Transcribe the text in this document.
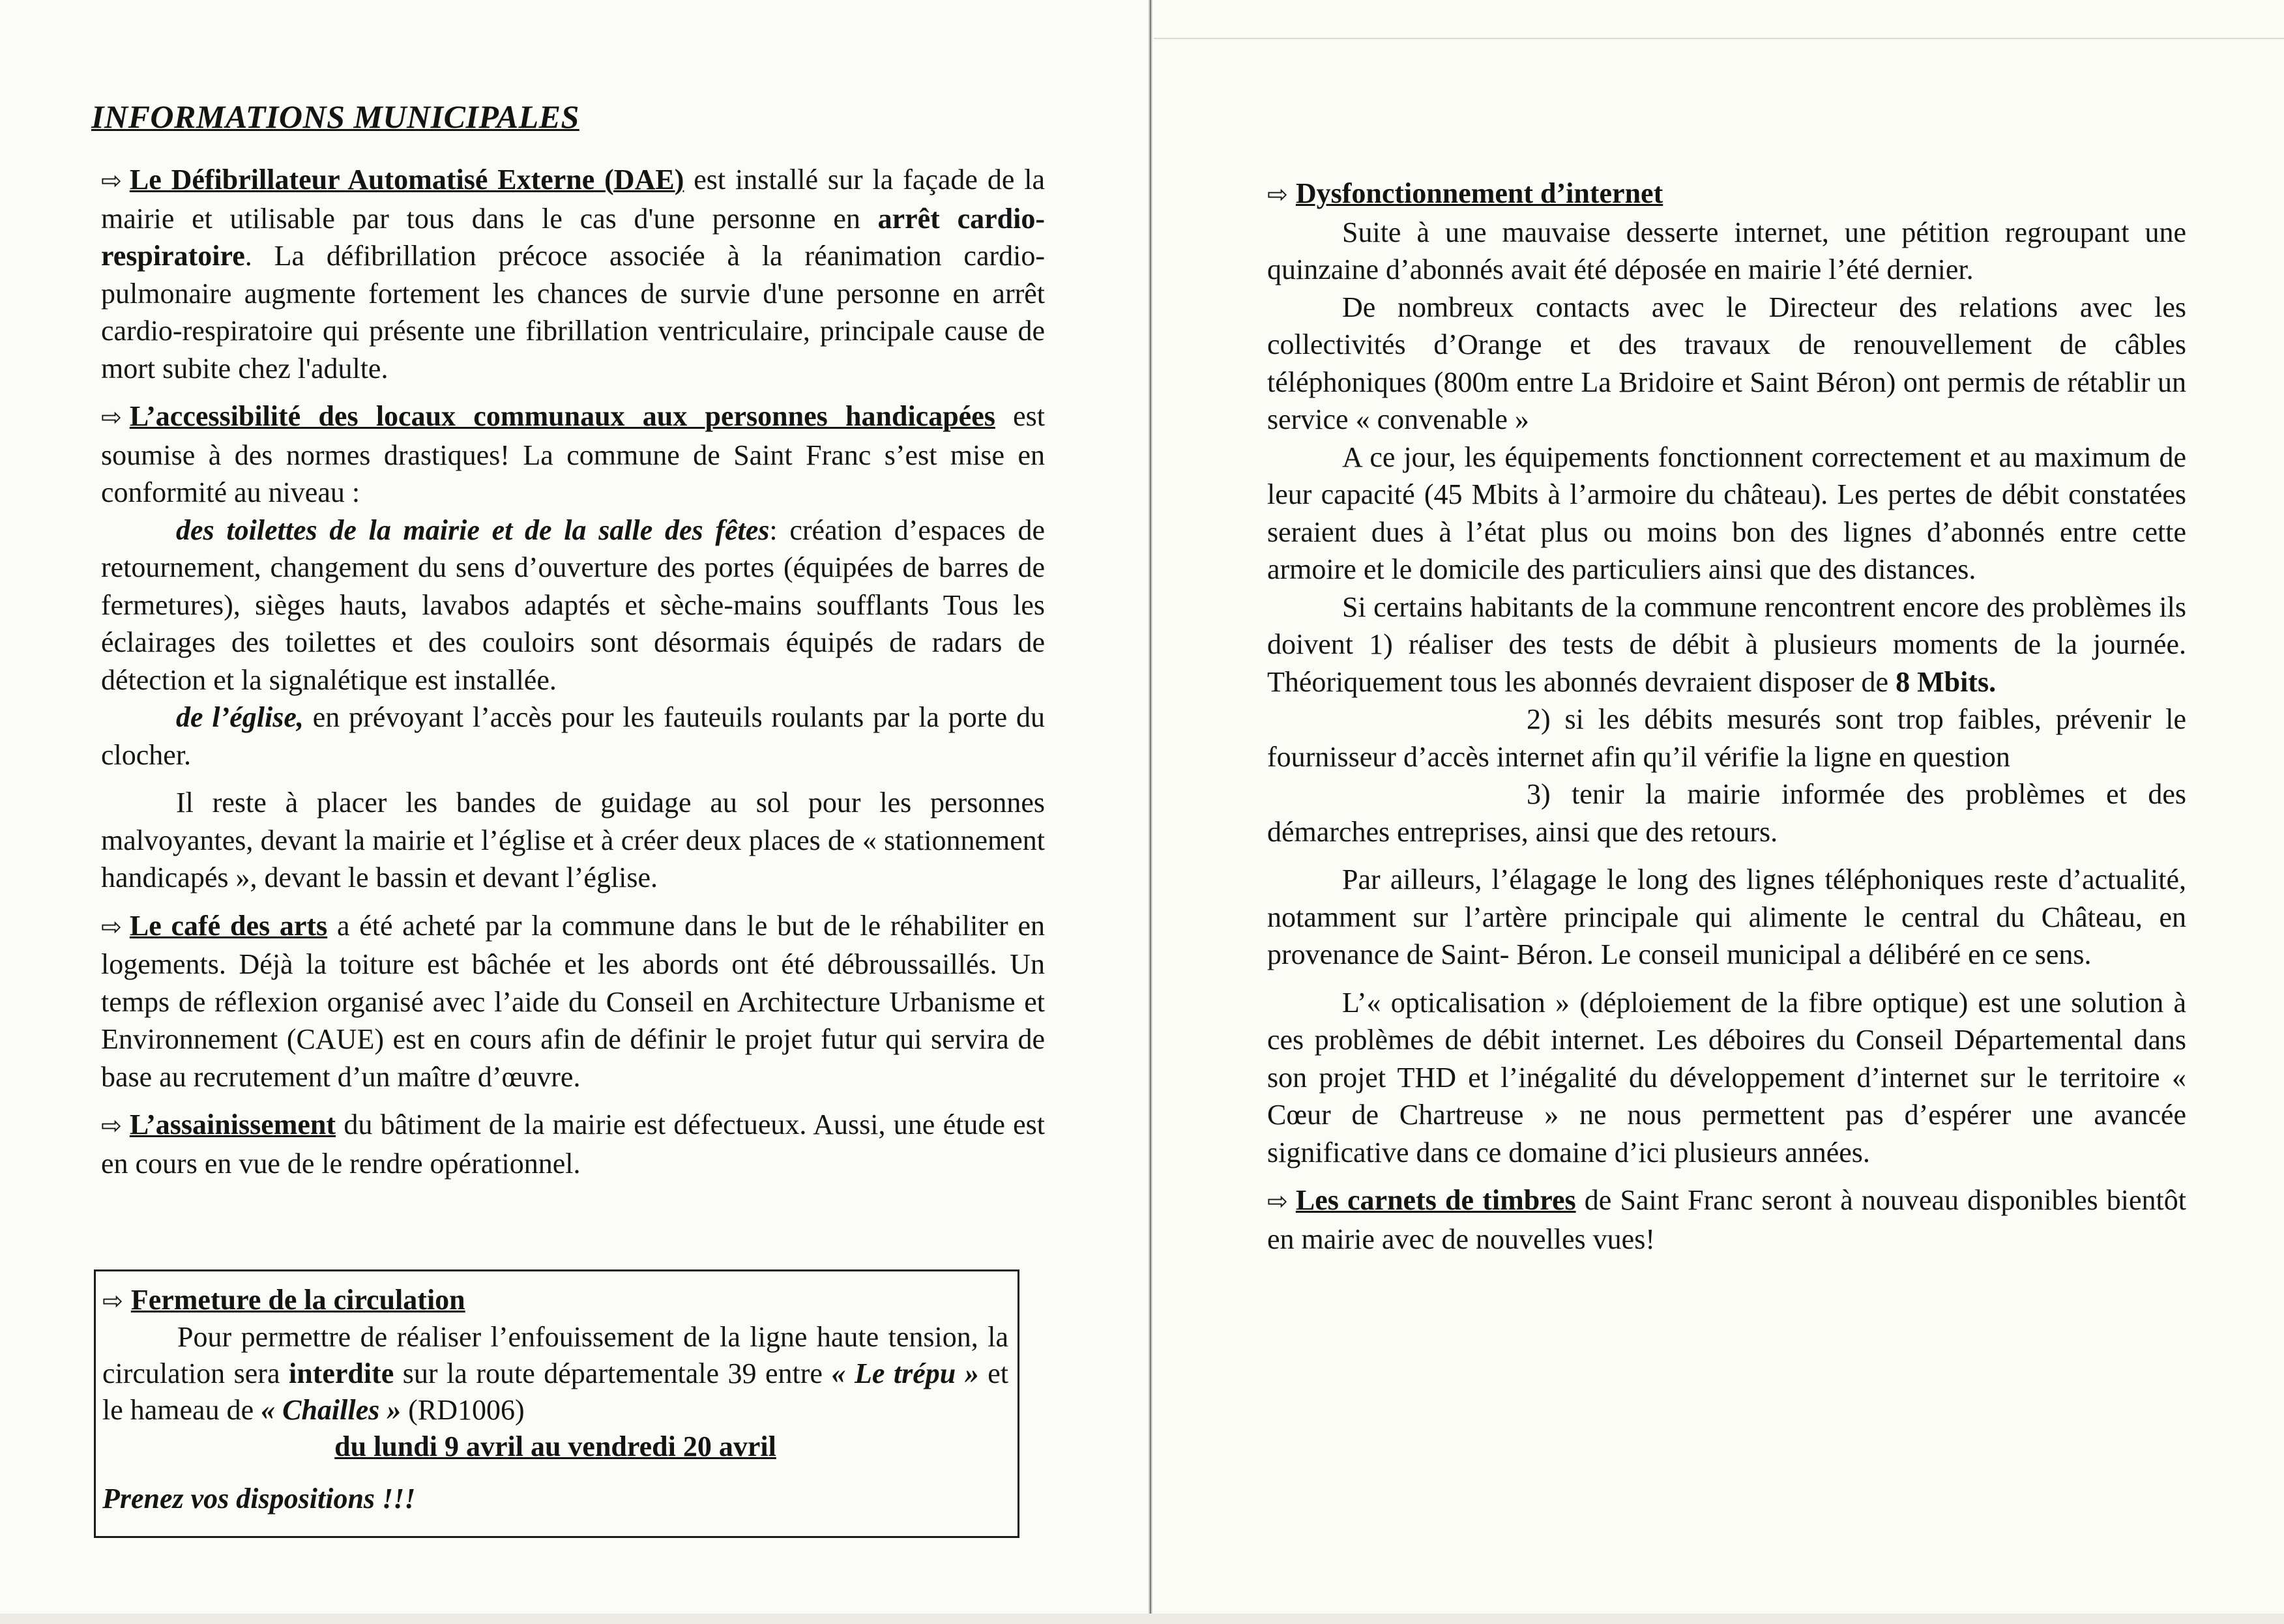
INFORMATIONS MUNICIPALES

⇨ Le Défibrillateur Automatisé Externe (DAE) est installé sur la façade de la mairie et utilisable par tous dans le cas d'une personne en arrêt cardio-respiratoire. La défibrillation précoce associée à la réanimation cardio-pulmonaire augmente fortement les chances de survie d'une personne en arrêt cardio-respiratoire qui présente une fibrillation ventriculaire, principale cause de mort subite chez l'adulte.

⇨ L’accessibilité des locaux communaux aux personnes handicapées est soumise à des normes drastiques! La commune de Saint Franc s’est mise en conformité au niveau :

des toilettes de la mairie et de la salle des fêtes: création d’espaces de retournement, changement du sens d’ouverture des portes (équipées de barres de fermetures), sièges hauts, lavabos adaptés et sèche-mains soufflants Tous les éclairages des toilettes et des couloirs sont désormais équipés de radars de détection et la signalétique est installée.

de l’église, en prévoyant l’accès pour les fauteuils roulants par la porte du clocher.

Il reste à placer les bandes de guidage au sol pour les personnes malvoyantes, devant la mairie et l’église et à créer deux places de « stationnement handicapés », devant le bassin et devant l’église.

⇨ Le café des arts a été acheté par la commune dans le but de le réhabiliter en logements. Déjà la toiture est bâchée et les abords ont été débroussaillés. Un temps de réflexion organisé avec l’aide du Conseil en Architecture Urbanisme et Environnement (CAUE) est en cours afin de définir le projet futur qui servira de base au recrutement d’un maître d’œuvre.

⇨ L’assainissement du bâtiment de la mairie est défectueux. Aussi, une étude est en cours en vue de le rendre opérationnel.

⇨ Fermeture de la circulation

Pour permettre de réaliser l’enfouissement de la ligne haute tension, la circulation sera interdite sur la route départementale 39 entre « Le trépu » et le hameau de « Chailles » (RD1006)

du lundi 9 avril au vendredi 20 avril

Prenez vos dispositions !!!

⇨ Dysfonctionnement d’internet

Suite à une mauvaise desserte internet, une pétition regroupant une quinzaine d’abonnés avait été déposée en mairie l’été dernier.

De nombreux contacts avec le Directeur des relations avec les collectivités d’Orange et des travaux de renouvellement de câbles téléphoniques (800m entre La Bridoire et Saint Béron) ont permis de rétablir un service « convenable »

A ce jour, les équipements fonctionnent correctement et au maximum de leur capacité (45 Mbits à l’armoire du château). Les pertes de débit constatées seraient dues à l’état plus ou moins bon des lignes d’abonnés entre cette armoire et le domicile des particuliers ainsi que des distances.

Si certains habitants de la commune rencontrent encore des problèmes ils doivent 1) réaliser des tests de débit à plusieurs moments de la journée. Théoriquement tous les abonnés devraient disposer de 8 Mbits.

2) si les débits mesurés sont trop faibles, prévenir le fournisseur d’accès internet afin qu’il vérifie la ligne en question

3) tenir la mairie informée des problèmes et des démarches entreprises, ainsi que des retours.

Par ailleurs, l’élagage le long des lignes téléphoniques reste d’actualité, notamment sur l’artère principale qui alimente le central du Château, en provenance de Saint- Béron. Le conseil municipal a délibéré en ce sens.

L’« opticalisation » (déploiement de la fibre optique) est une solution à ces problèmes de débit internet. Les déboires du Conseil Départemental dans son projet THD et l’inégalité du développement d’internet sur le territoire « Cœur de Chartreuse » ne nous permettent pas d’espérer une avancée significative dans ce domaine d’ici plusieurs années.

⇨ Les carnets de timbres de Saint Franc seront à nouveau disponibles bientôt en mairie avec de nouvelles vues!
